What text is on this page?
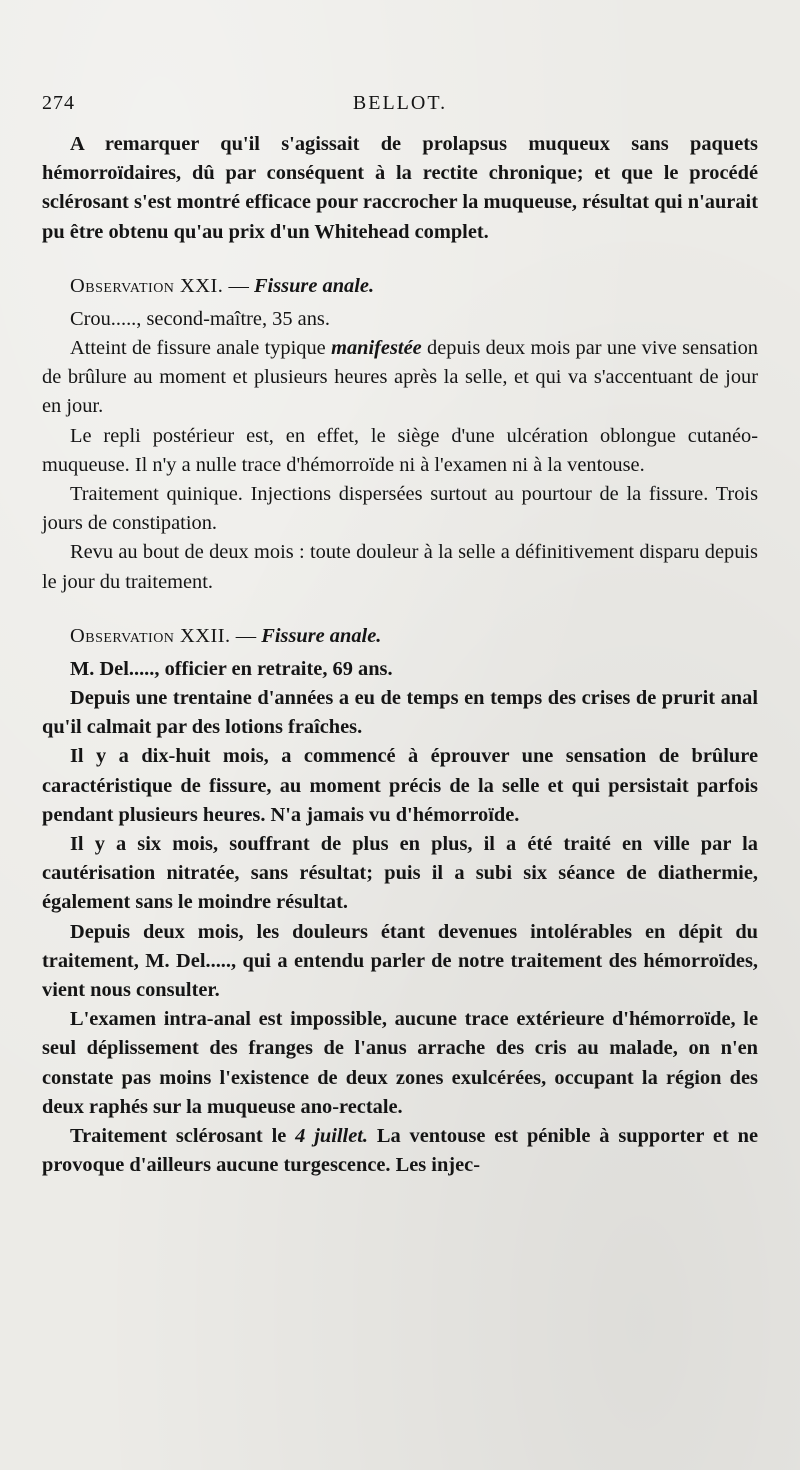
274	BELLOT.

A remarquer qu'il s'agissait de prolapsus muqueux sans paquets hémorroïdaires, dû par conséquent à la rectite chronique; et que le procédé sclérosant s'est montré efficace pour raccrocher la muqueuse, résultat qui n'aurait pu être obtenu qu'au prix d'un Whitehead complet.

Observation XXI. — Fissure anale.

Crou....., second-maître, 35 ans.

Atteint de fissure anale typique manifestée depuis deux mois par une vive sensation de brûlure au moment et plusieurs heures après la selle, et qui va s'accentuant de jour en jour.

Le repli postérieur est, en effet, le siège d'une ulcération oblongue cutanéo-muqueuse. Il n'y a nulle trace d'hémorroïde ni à l'examen ni à la ventouse.

Traitement quinique. Injections dispersées surtout au pourtour de la fissure. Trois jours de constipation.

Revu au bout de deux mois : toute douleur à la selle a définitivement disparu depuis le jour du traitement.

Observation XXII. — Fissure anale.

M. Del....., officier en retraite, 69 ans.

Depuis une trentaine d'années a eu de temps en temps des crises de prurit anal qu'il calmait par des lotions fraîches.

Il y a dix-huit mois, a commencé à éprouver une sensation de brûlure caractéristique de fissure, au moment précis de la selle et qui persistait parfois pendant plusieurs heures. N'a jamais vu d'hémorroïde.

Il y a six mois, souffrant de plus en plus, il a été traité en ville par la cautérisation nitratée, sans résultat; puis il a subi six séance de diathermie, également sans le moindre résultat.

Depuis deux mois, les douleurs étant devenues intolérables en dépit du traitement, M. Del....., qui a entendu parler de notre traitement des hémorroïdes, vient nous consulter.

L'examen intra-anal est impossible, aucune trace extérieure d'hémorroïde, le seul déplissement des franges de l'anus arrache des cris au malade, on n'en constate pas moins l'existence de deux zones exulcérées, occupant la région des deux raphés sur la muqueuse ano-rectale.

Traitement sclérosant le 4 juillet. La ventouse est pénible à supporter et ne provoque d'ailleurs aucune turgescence. Les injec-
